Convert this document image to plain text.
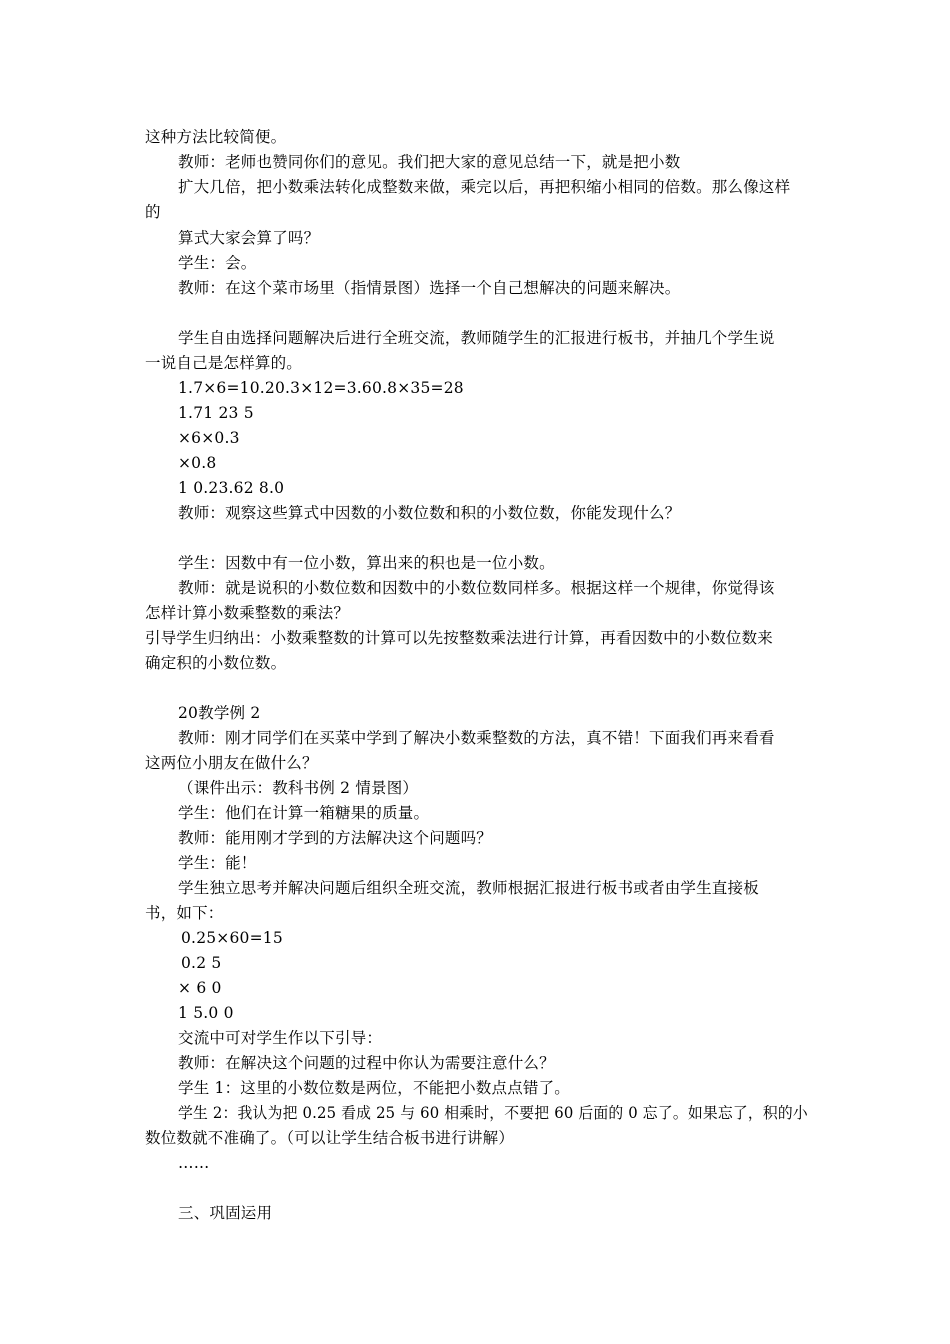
这种方法比较简便。
教师：老师也赞同你们的意见。我们把大家的意见总结一下，就是把小数
扩大几倍，把小数乘法转化成整数来做，乘完以后，再把积缩小相同的倍数。那么像这样
的
算式大家会算了吗？
学生：会。
教师：在这个菜市场里（指情景图）选择一个自己想解决的问题来解决。
学生自由选择问题解决后进行全班交流，教师随学生的汇报进行板书，并抽几个学生说
一说自己是怎样算的。
1.7×6=10.20.3×12=3.60.8×35=28
1.71 23 5
×6×0.3
×0.8
1 0.23.62 8.0
教师：观察这些算式中因数的小数位数和积的小数位数，你能发现什么？
学生：因数中有一位小数，算出来的积也是一位小数。
教师：就是说积的小数位数和因数中的小数位数同样多。根据这样一个规律，你觉得该
怎样计算小数乘整数的乘法？
引导学生归纳出：小数乘整数的计算可以先按整数乘法进行计算，再看因数中的小数位数来
确定积的小数位数。
20教学例 2
教师：刚才同学们在买菜中学到了解决小数乘整数的方法，真不错！下面我们再来看看
这两位小朋友在做什么？
（课件出示：教科书例 2 情景图）
学生：他们在计算一箱糖果的质量。
教师：能用刚才学到的方法解决这个问题吗？
学生：能！
学生独立思考并解决问题后组织全班交流，教师根据汇报进行板书或者由学生直接板
书，如下：
0.25×60=15
0.2 5
× 6 0
1 5.0 0
交流中可对学生作以下引导：
教师：在解决这个问题的过程中你认为需要注意什么？
学生 1：这里的小数位数是两位，不能把小数点点错了。
学生 2：我认为把 0.25 看成 25 与 60 相乘时，不要把 60 后面的 0 忘了。如果忘了，积的小
数位数就不准确了。（可以让学生结合板书进行讲解）
……
三、巩固运用
